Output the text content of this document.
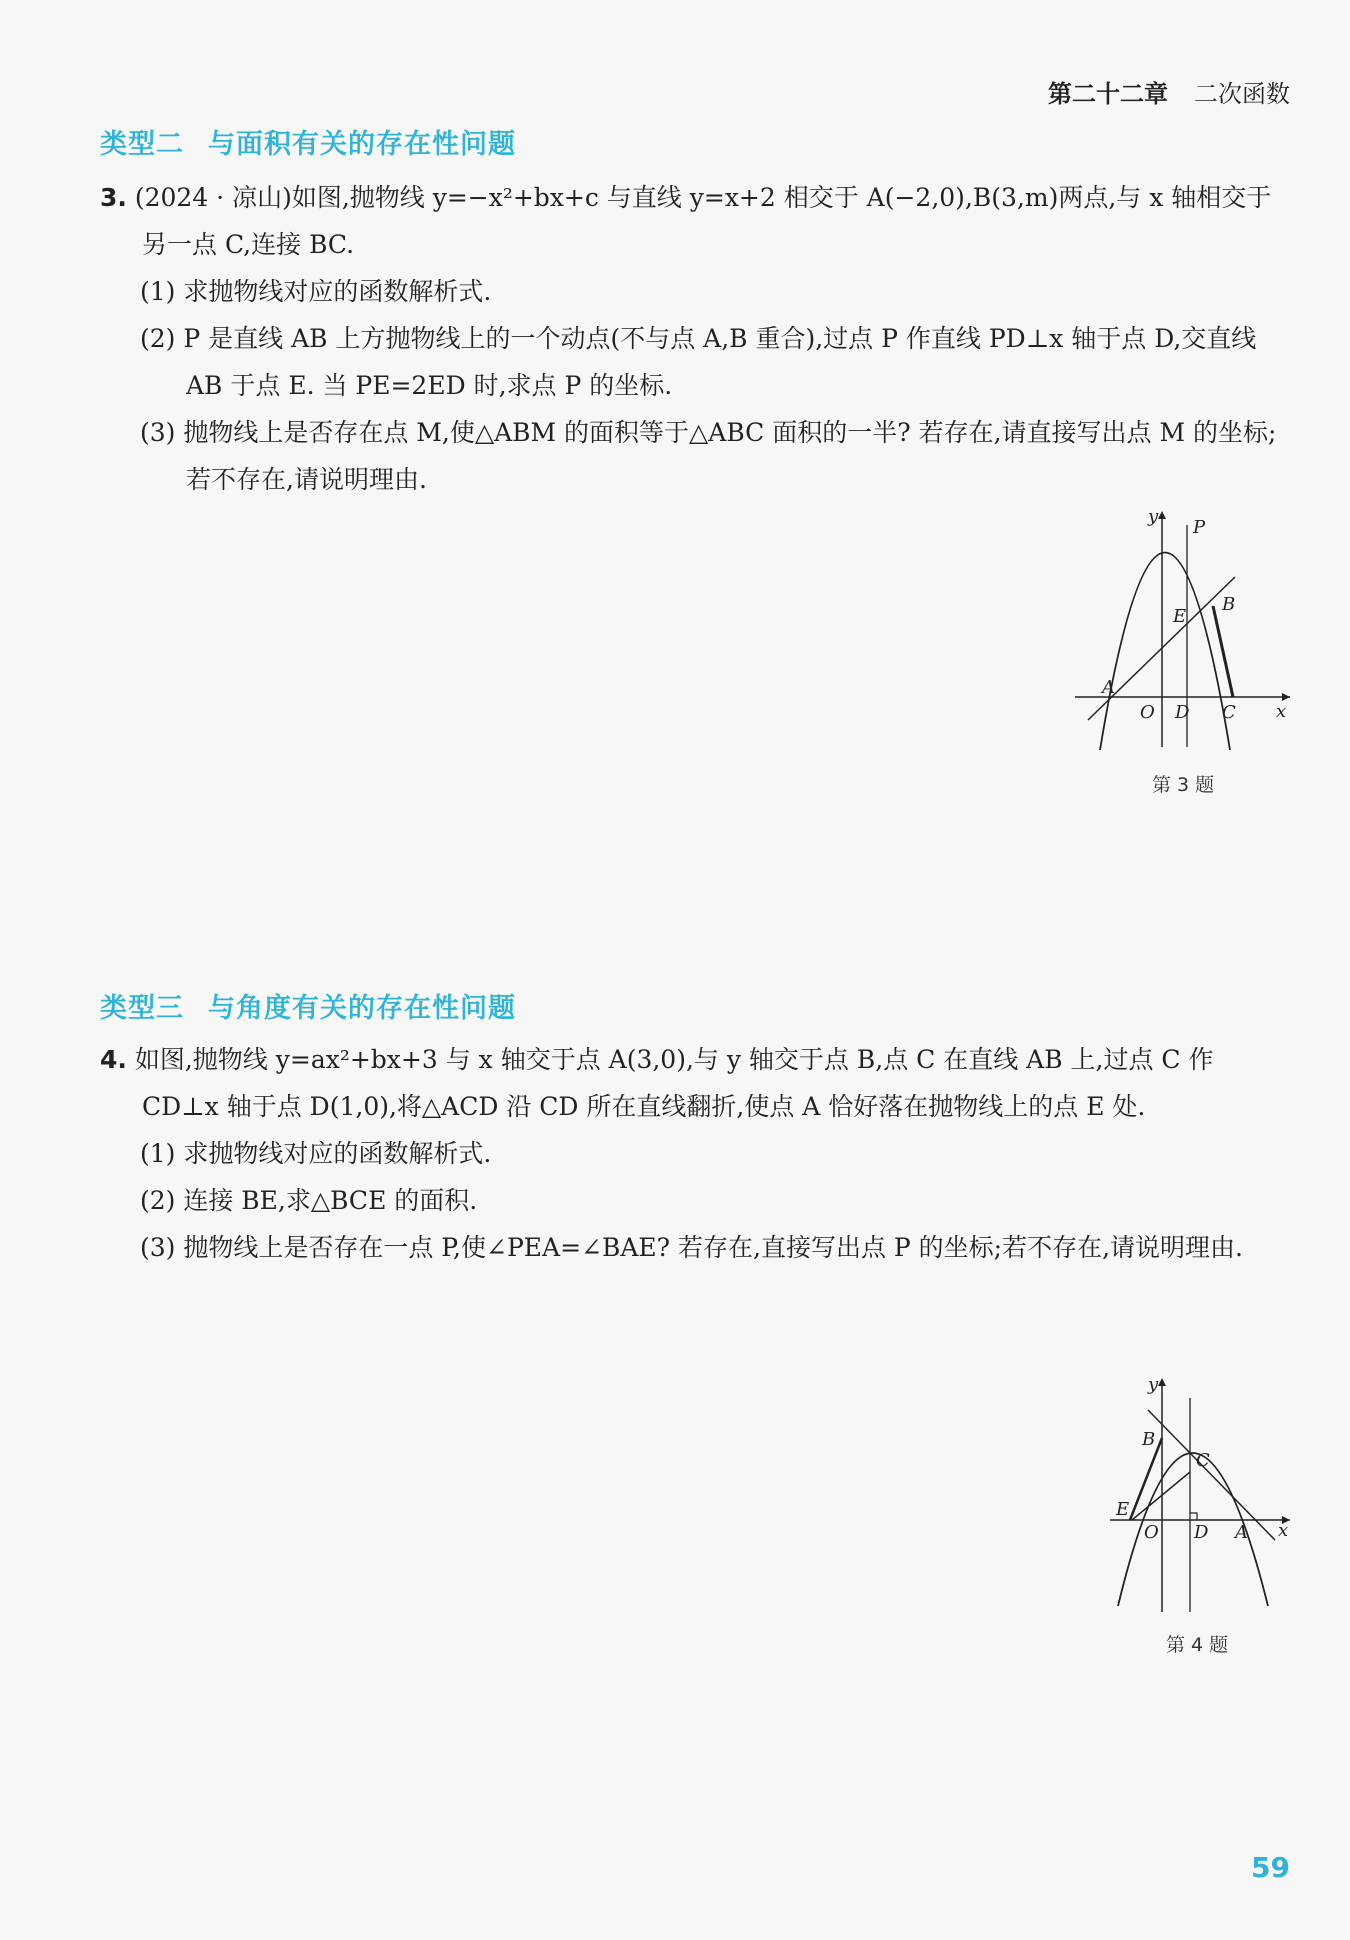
第二十二章 二次函数
类型二 与面积有关的存在性问题

3. (2024 · 凉山)如图,抛物线 y=−x²+bx+c 与直线 y=x+2 相交于 A(−2,0),B(3,m)两点,与 x 轴相交于另一点 C,连接 BC.

(1) 求抛物线对应的函数解析式.

(2) P 是直线 AB 上方抛物线上的一个动点(不与点 A,B 重合),过点 P 作直线 PD⊥x 轴于点 D,交直线 AB 于点 E. 当 PE=2ED 时,求点 P 的坐标.

(3) 抛物线上是否存在点 M,使△ABM 的面积等于△ABC 面积的一半? 若存在,请直接写出点 M 的坐标;若不存在,请说明理由.

y
P
E
B
A
O D C x
第 3 题
类型三 与角度有关的存在性问题

4. 如图,抛物线 y=ax²+bx+3 与 x 轴交于点 A(3,0),与 y 轴交于点 B,点 C 在直线 AB 上,过点 C 作 CD⊥x 轴于点 D(1,0),将△ACD 沿 CD 所在直线翻折,使点 A 恰好落在抛物线上的点 E 处.

(1) 求抛物线对应的函数解析式.

(2) 连接 BE,求△BCE 的面积.

(3) 抛物线上是否存在一点 P,使∠PEA=∠BAE? 若存在,直接写出点 P 的坐标;若不存在,请说明理由.

y
B
C
E
O D A x
第 4 题
59
